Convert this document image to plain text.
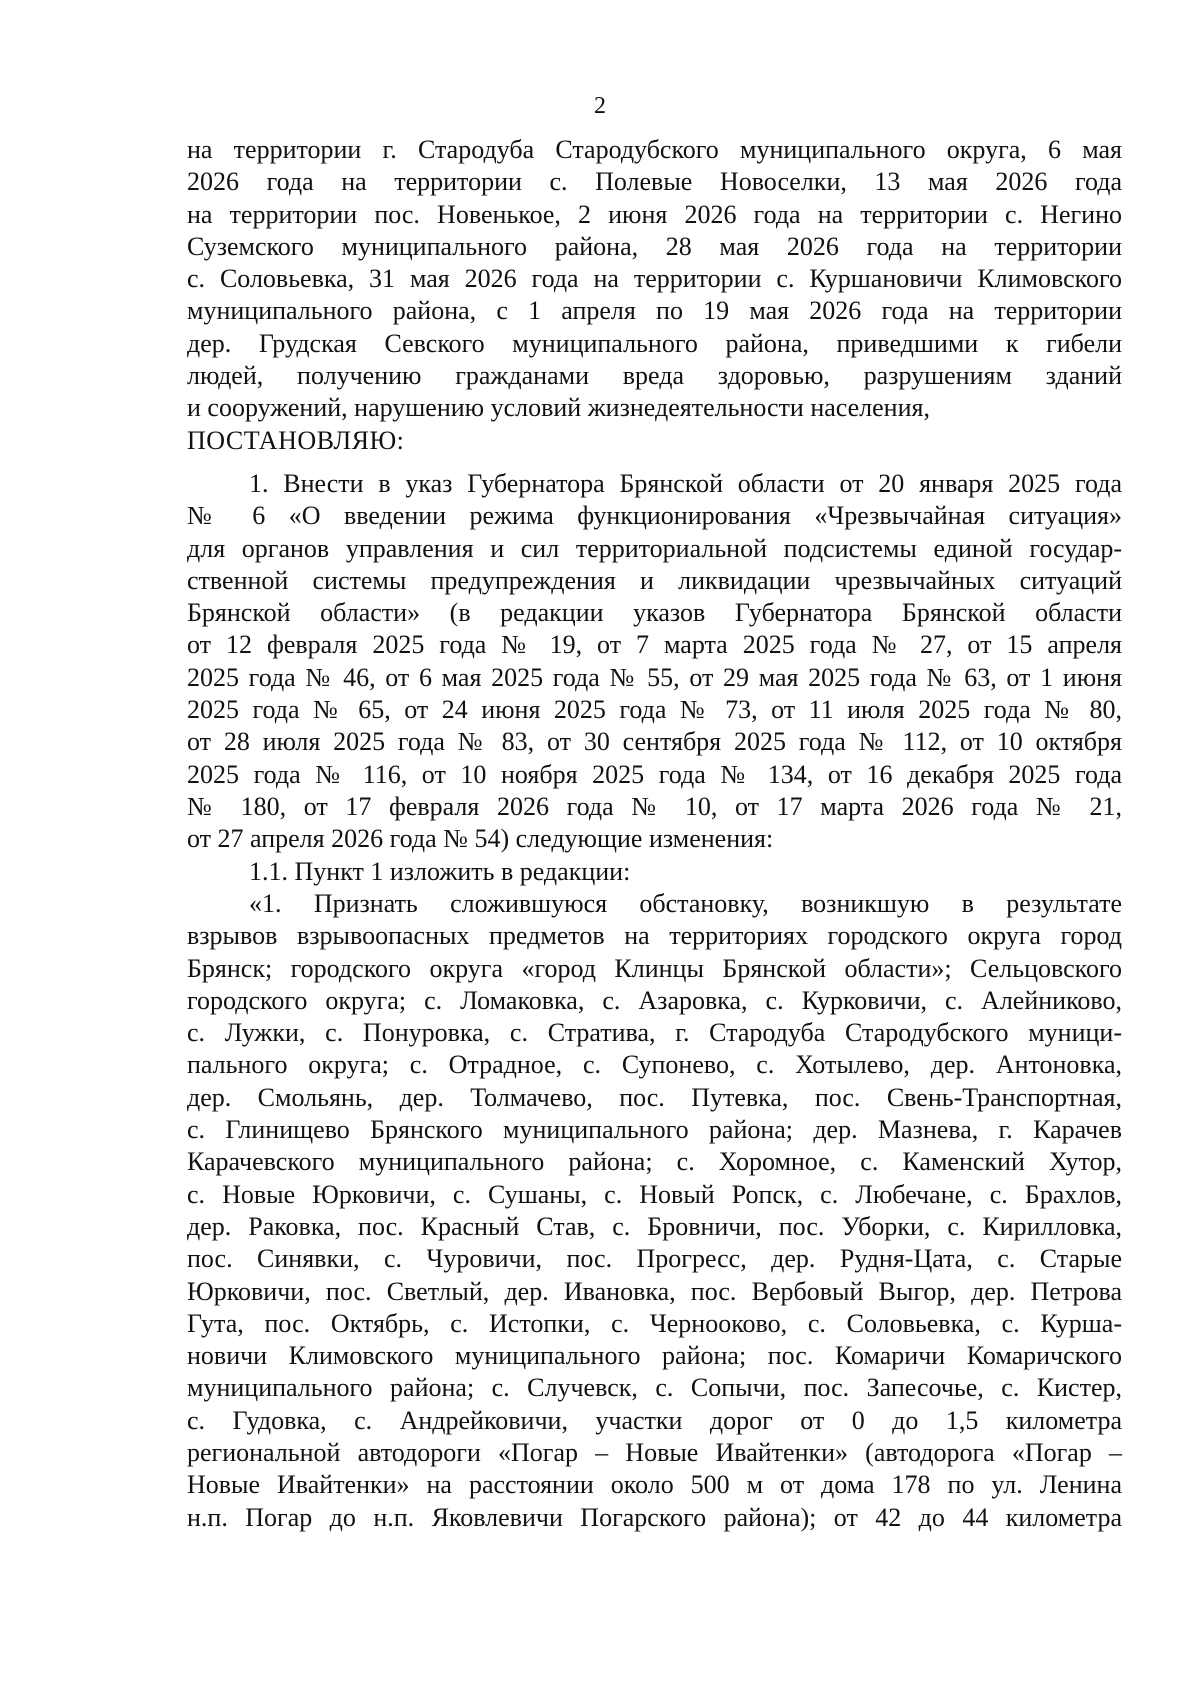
2
на территории г. Стародуба Стародубского муниципального округа, 6 мая
2026 года на территории с. Полевые Новоселки, 13 мая 2026 года
на территории пос. Новенькое, 2 июня 2026 года на территории с. Негино
Суземского муниципального района, 28 мая 2026 года на территории
с. Соловьевка, 31 мая 2026 года на территории с. Куршановичи Климовского
муниципального района, с 1 апреля по 19 мая 2026 года на территории
дер. Грудская Севского муниципального района, приведшими к гибели
людей, получению гражданами вреда здоровью, разрушениям зданий
и сооружений, нарушению условий жизнедеятельности населения,
ПОСТАНОВЛЯЮ:
1. Внести в указ Губернатора Брянской области от 20 января 2025 года
№ 6 «О введении режима функционирования «Чрезвычайная ситуация»
для органов управления и сил территориальной подсистемы единой государ-
ственной системы предупреждения и ликвидации чрезвычайных ситуаций
Брянской области» (в редакции указов Губернатора Брянской области
от 12 февраля 2025 года № 19, от 7 марта 2025 года № 27, от 15 апреля
2025 года № 46, от 6 мая 2025 года № 55, от 29 мая 2025 года № 63, от 1 июня
2025 года № 65, от 24 июня 2025 года № 73, от 11 июля 2025 года № 80,
от 28 июля 2025 года № 83, от 30 сентября 2025 года № 112, от 10 октября
2025 года № 116, от 10 ноября 2025 года № 134, от 16 декабря 2025 года
№ 180, от 17 февраля 2026 года № 10, от 17 марта 2026 года № 21,
от 27 апреля 2026 года № 54) следующие изменения:
1.1. Пункт 1 изложить в редакции:
«1. Признать сложившуюся обстановку, возникшую в результате
взрывов взрывоопасных предметов на территориях городского округа город
Брянск; городского округа «город Клинцы Брянской области»; Сельцовского
городского округа; с. Ломаковка, с. Азаровка, с. Курковичи, с. Алейниково,
с. Лужки, с. Понуровка, с. Стратива, г. Стародуба Стародубского муници-
пального округа; с. Отрадное, с. Супонево, с. Хотылево, дер. Антоновка,
дер. Смольянь, дер. Толмачево, пос. Путевка, пос. Свень-Транспортная,
с. Глинищево Брянского муниципального района; дер. Мазнева, г. Карачев
Карачевского муниципального района; с. Хоромное, с. Каменский Хутор,
с. Новые Юрковичи, с. Сушаны, с. Новый Ропск, с. Любечане, с. Брахлов,
дер. Раковка, пос. Красный Став, с. Бровничи, пос. Уборки, с. Кирилловка,
пос. Синявки, с. Чуровичи, пос. Прогресс, дер. Рудня-Цата, с. Старые
Юрковичи, пос. Светлый, дер. Ивановка, пос. Вербовый Выгор, дер. Петрова
Гута, пос. Октябрь, с. Истопки, с. Чернооково, с. Соловьевка, с. Курша-
новичи Климовского муниципального района; пос. Комаричи Комаричского
муниципального района; с. Случевск, с. Сопычи, пос. Запесочье, с. Кистер,
с. Гудовка, с. Андрейковичи, участки дорог от 0 до 1,5 километра
региональной автодороги «Погар – Новые Ивайтенки» (автодорога «Погар –
Новые Ивайтенки» на расстоянии около 500 м от дома 178 по ул. Ленина
н.п. Погар до н.п. Яковлевичи Погарского района); от 42 до 44 километра
